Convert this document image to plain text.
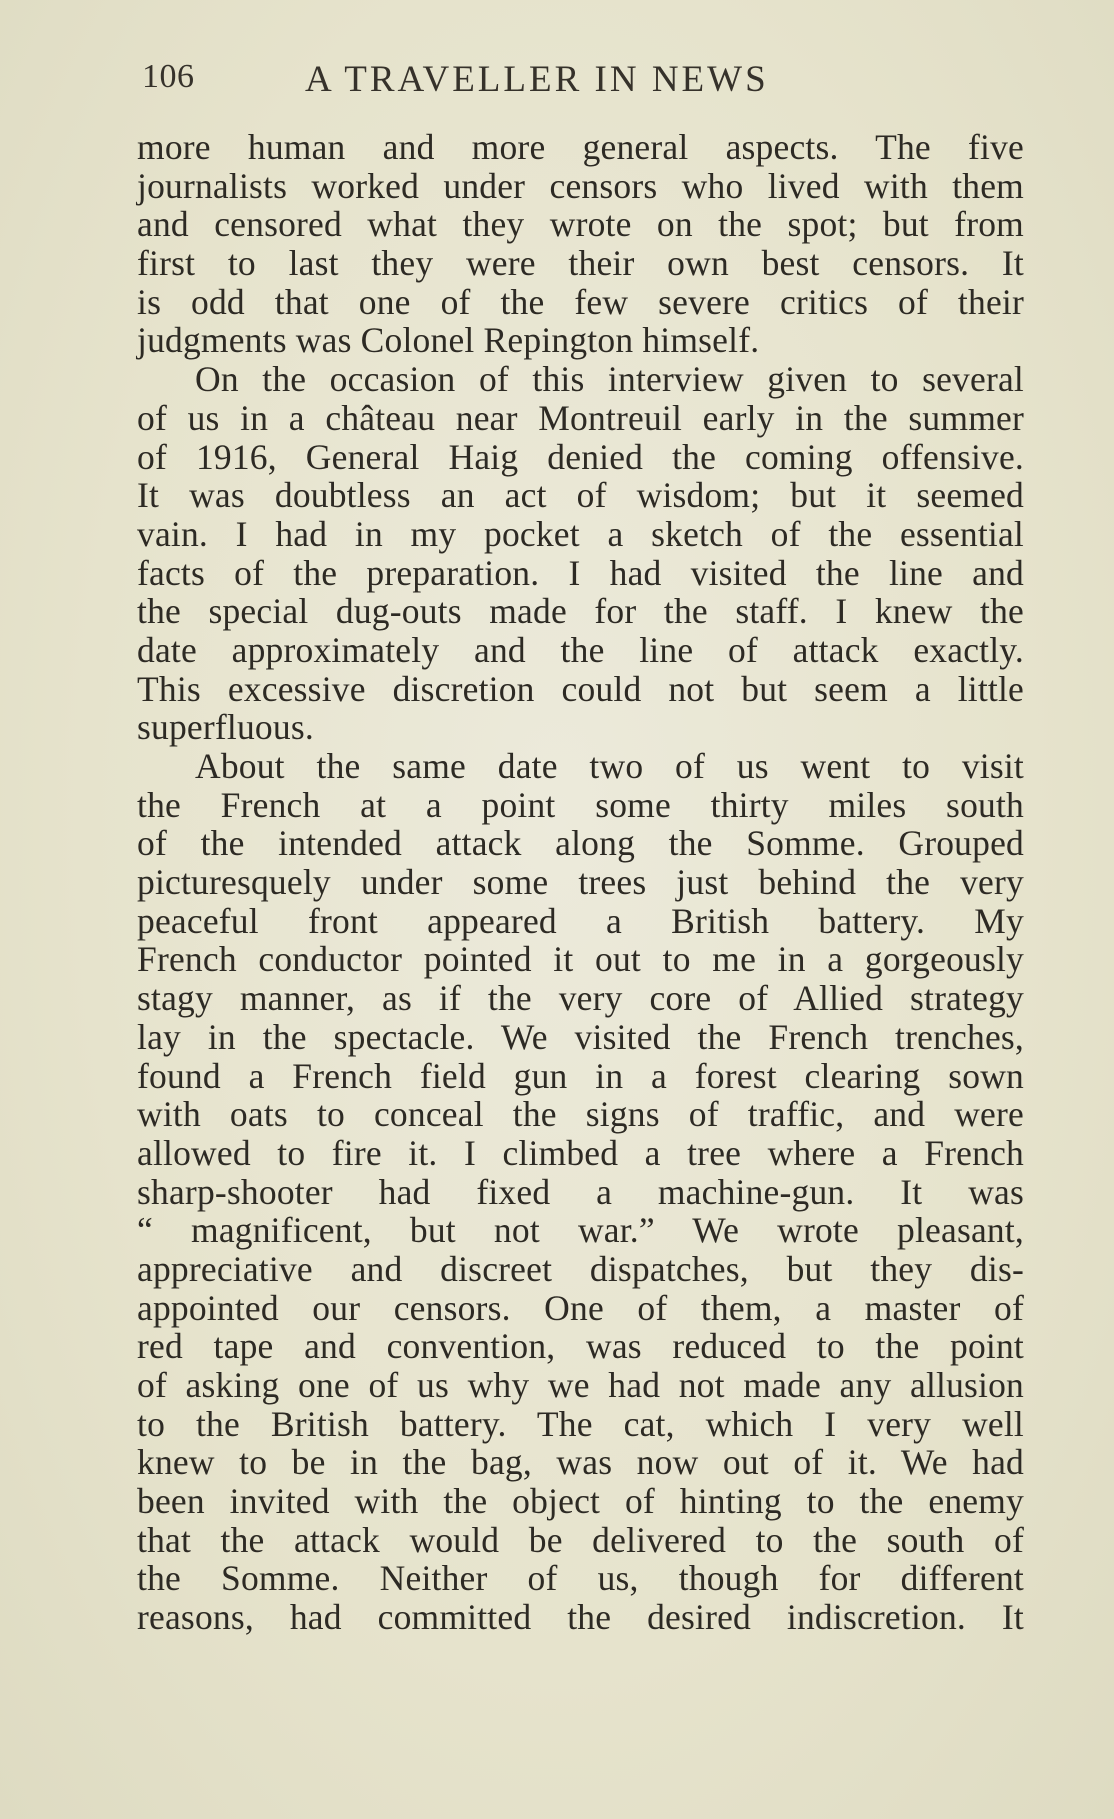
106	A TRAVELLER IN NEWS
more human and more general aspects. The five
journalists worked under censors who lived with them
and censored what they wrote on the spot; but from
first to last they were their own best censors. It
is odd that one of the few severe critics of their
judgments was Colonel Repington himself.
On the occasion of this interview given to several
of us in a château near Montreuil early in the summer
of 1916, General Haig denied the coming offensive.
It was doubtless an act of wisdom; but it seemed
vain. I had in my pocket a sketch of the essential
facts of the preparation. I had visited the line and
the special dug-outs made for the staff. I knew the
date approximately and the line of attack exactly.
This excessive discretion could not but seem a little
superfluous.
About the same date two of us went to visit
the French at a point some thirty miles south
of the intended attack along the Somme. Grouped
picturesquely under some trees just behind the very
peaceful front appeared a British battery. My
French conductor pointed it out to me in a gorgeously
stagy manner, as if the very core of Allied strategy
lay in the spectacle. We visited the French trenches,
found a French field gun in a forest clearing sown
with oats to conceal the signs of traffic, and were
allowed to fire it. I climbed a tree where a French
sharp-shooter had fixed a machine-gun. It was
“ magnificent, but not war.” We wrote pleasant,
appreciative and discreet dispatches, but they dis-
appointed our censors. One of them, a master of
red tape and convention, was reduced to the point
of asking one of us why we had not made any allusion
to the British battery. The cat, which I very well
knew to be in the bag, was now out of it. We had
been invited with the object of hinting to the enemy
that the attack would be delivered to the south of
the Somme. Neither of us, though for different
reasons, had committed the desired indiscretion. It
